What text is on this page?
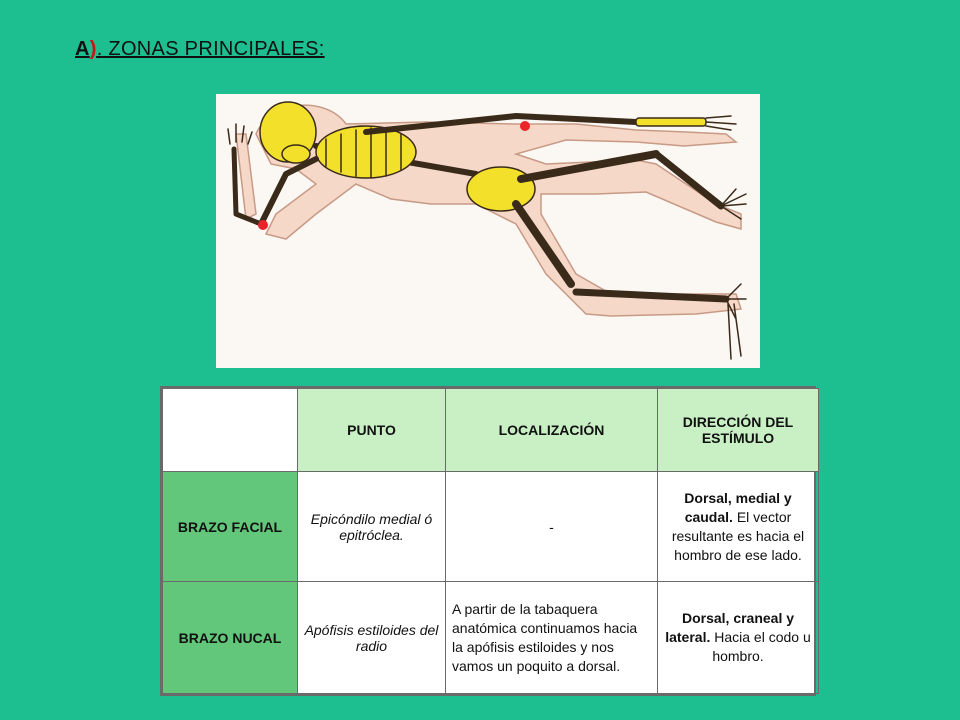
A). ZONAS PRINCIPALES:
	PUNTO	LOCALIZACIÓN	DIRECCIÓN DEL ESTÍMULO
BRAZO FACIAL	Epicóndilo medial ó epitróclea.	-	Dorsal, medial y caudal. El vector resultante es hacia el hombro de ese lado.
BRAZO NUCAL	Apófisis estiloides del radio	A partir de la tabaquera anatómica continuamos hacia la apófisis estiloides y nos vamos un poquito a dorsal.	Dorsal, craneal y lateral. Hacia el codo u hombro.
